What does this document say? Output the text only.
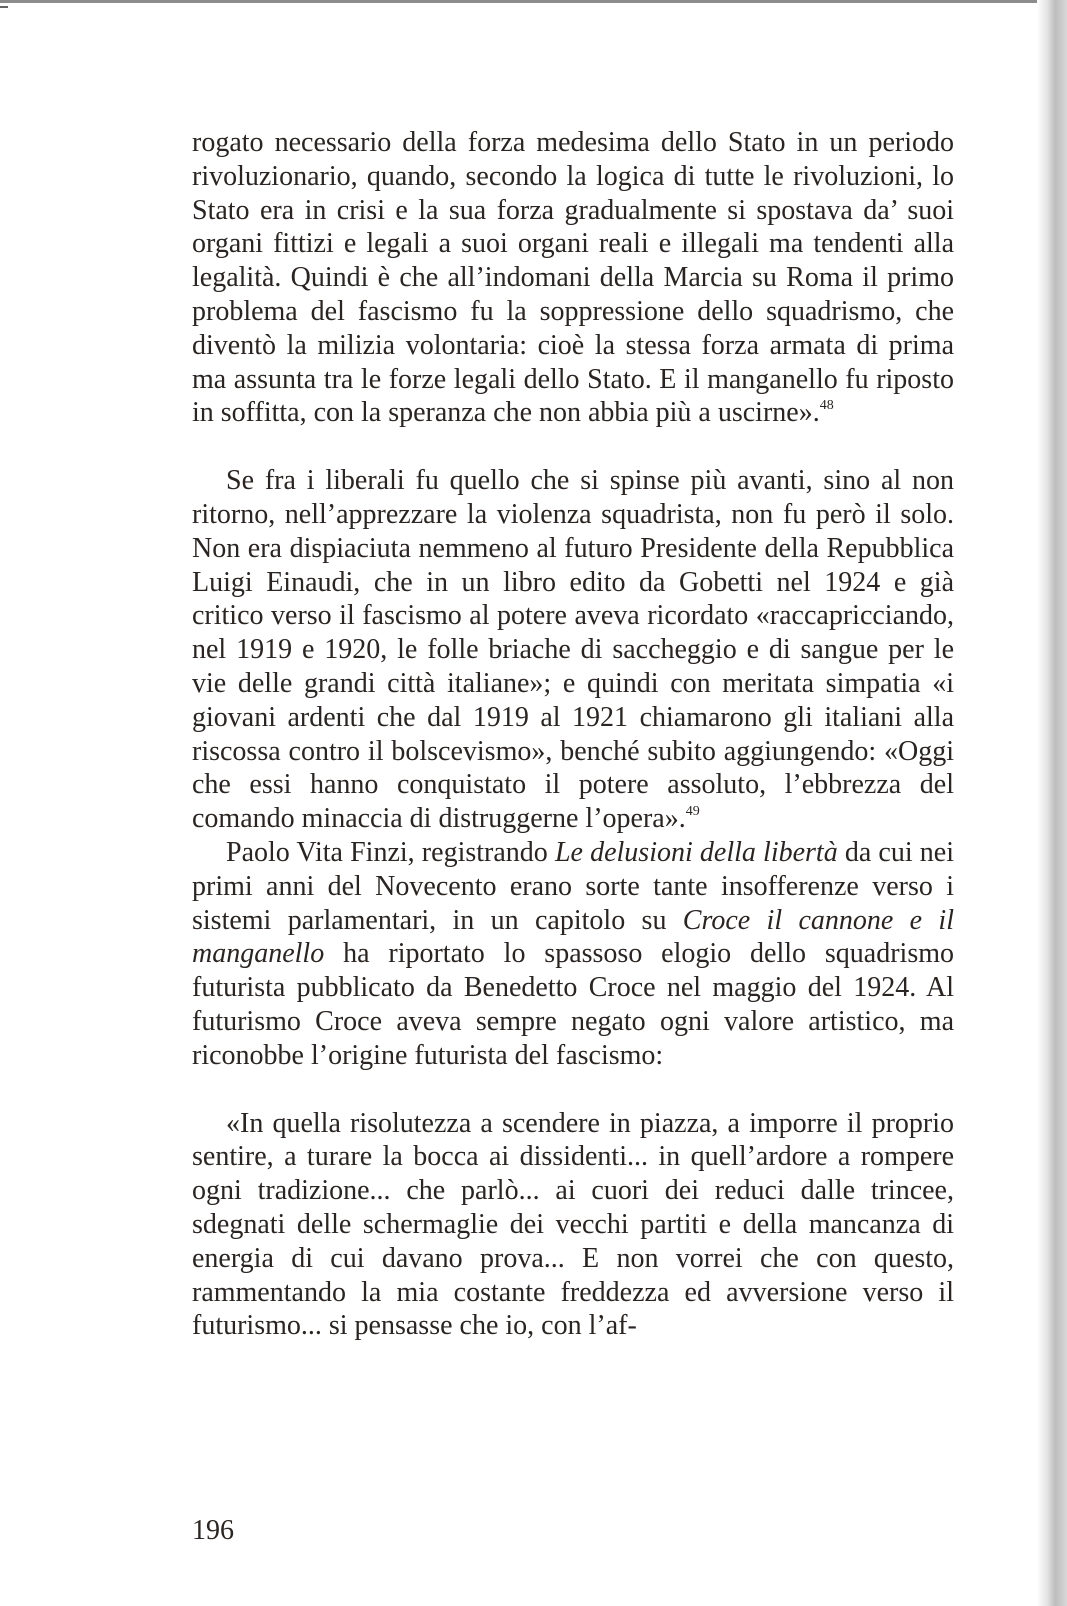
rogato necessario della forza medesima dello Stato in un periodo rivoluzionario, quando, secondo la logica di tutte le rivoluzioni, lo Stato era in crisi e la sua forza gradualmente si spostava da’ suoi organi fittizi e legali a suoi organi reali e illegali ma tendenti alla legalità. Quindi è che all’indomani della Marcia su Roma il primo problema del fascismo fu la soppressione dello squadrismo, che diventò la milizia volontaria: cioè la stessa forza armata di prima ma assunta tra le forze legali dello Stato. E il manganello fu riposto in soffitta, con la speranza che non abbia più a uscirne».$^{48}$

Se fra i liberali fu quello che si spinse più avanti, sino al non ritorno, nell’apprezzare la violenza squadrista, non fu però il solo. Non era dispiaciuta nemmeno al futuro Presidente della Repubblica Luigi Einaudi, che in un libro edito da Gobetti nel 1924 e già critico verso il fascismo al potere aveva ricordato «raccapricciando, nel 1919 e 1920, le folle briache di saccheggio e di sangue per le vie delle grandi città italiane»; e quindi con meritata simpatia «i giovani ardenti che dal 1919 al 1921 chiamarono gli italiani alla riscossa contro il bolscevismo», benché subito aggiungendo: «Oggi che essi hanno conquistato il potere assoluto, l’ebbrezza del comando minaccia di distruggerne l’opera».$^{49}$

Paolo Vita Finzi, registrando Le delusioni della libertà da cui nei primi anni del Novecento erano sorte tante insofferenze verso i sistemi parlamentari, in un capitolo su Croce il cannone e il manganello ha riportato lo spassoso elogio dello squadrismo futurista pubblicato da Benedetto Croce nel maggio del 1924. Al futurismo Croce aveva sempre negato ogni valore artistico, ma riconobbe l’origine futurista del fascismo:

«In quella risolutezza a scendere in piazza, a imporre il proprio sentire, a turare la bocca ai dissidenti... in quell’ardore a rompere ogni tradizione... che parlò... ai cuori dei reduci dalle trincee, sdegnati delle schermaglie dei vecchi partiti e della mancanza di energia di cui davano prova... E non vorrei che con questo, rammentando la mia costante freddezza ed avversione verso il futurismo... si pensasse che io, con l’af-

196
